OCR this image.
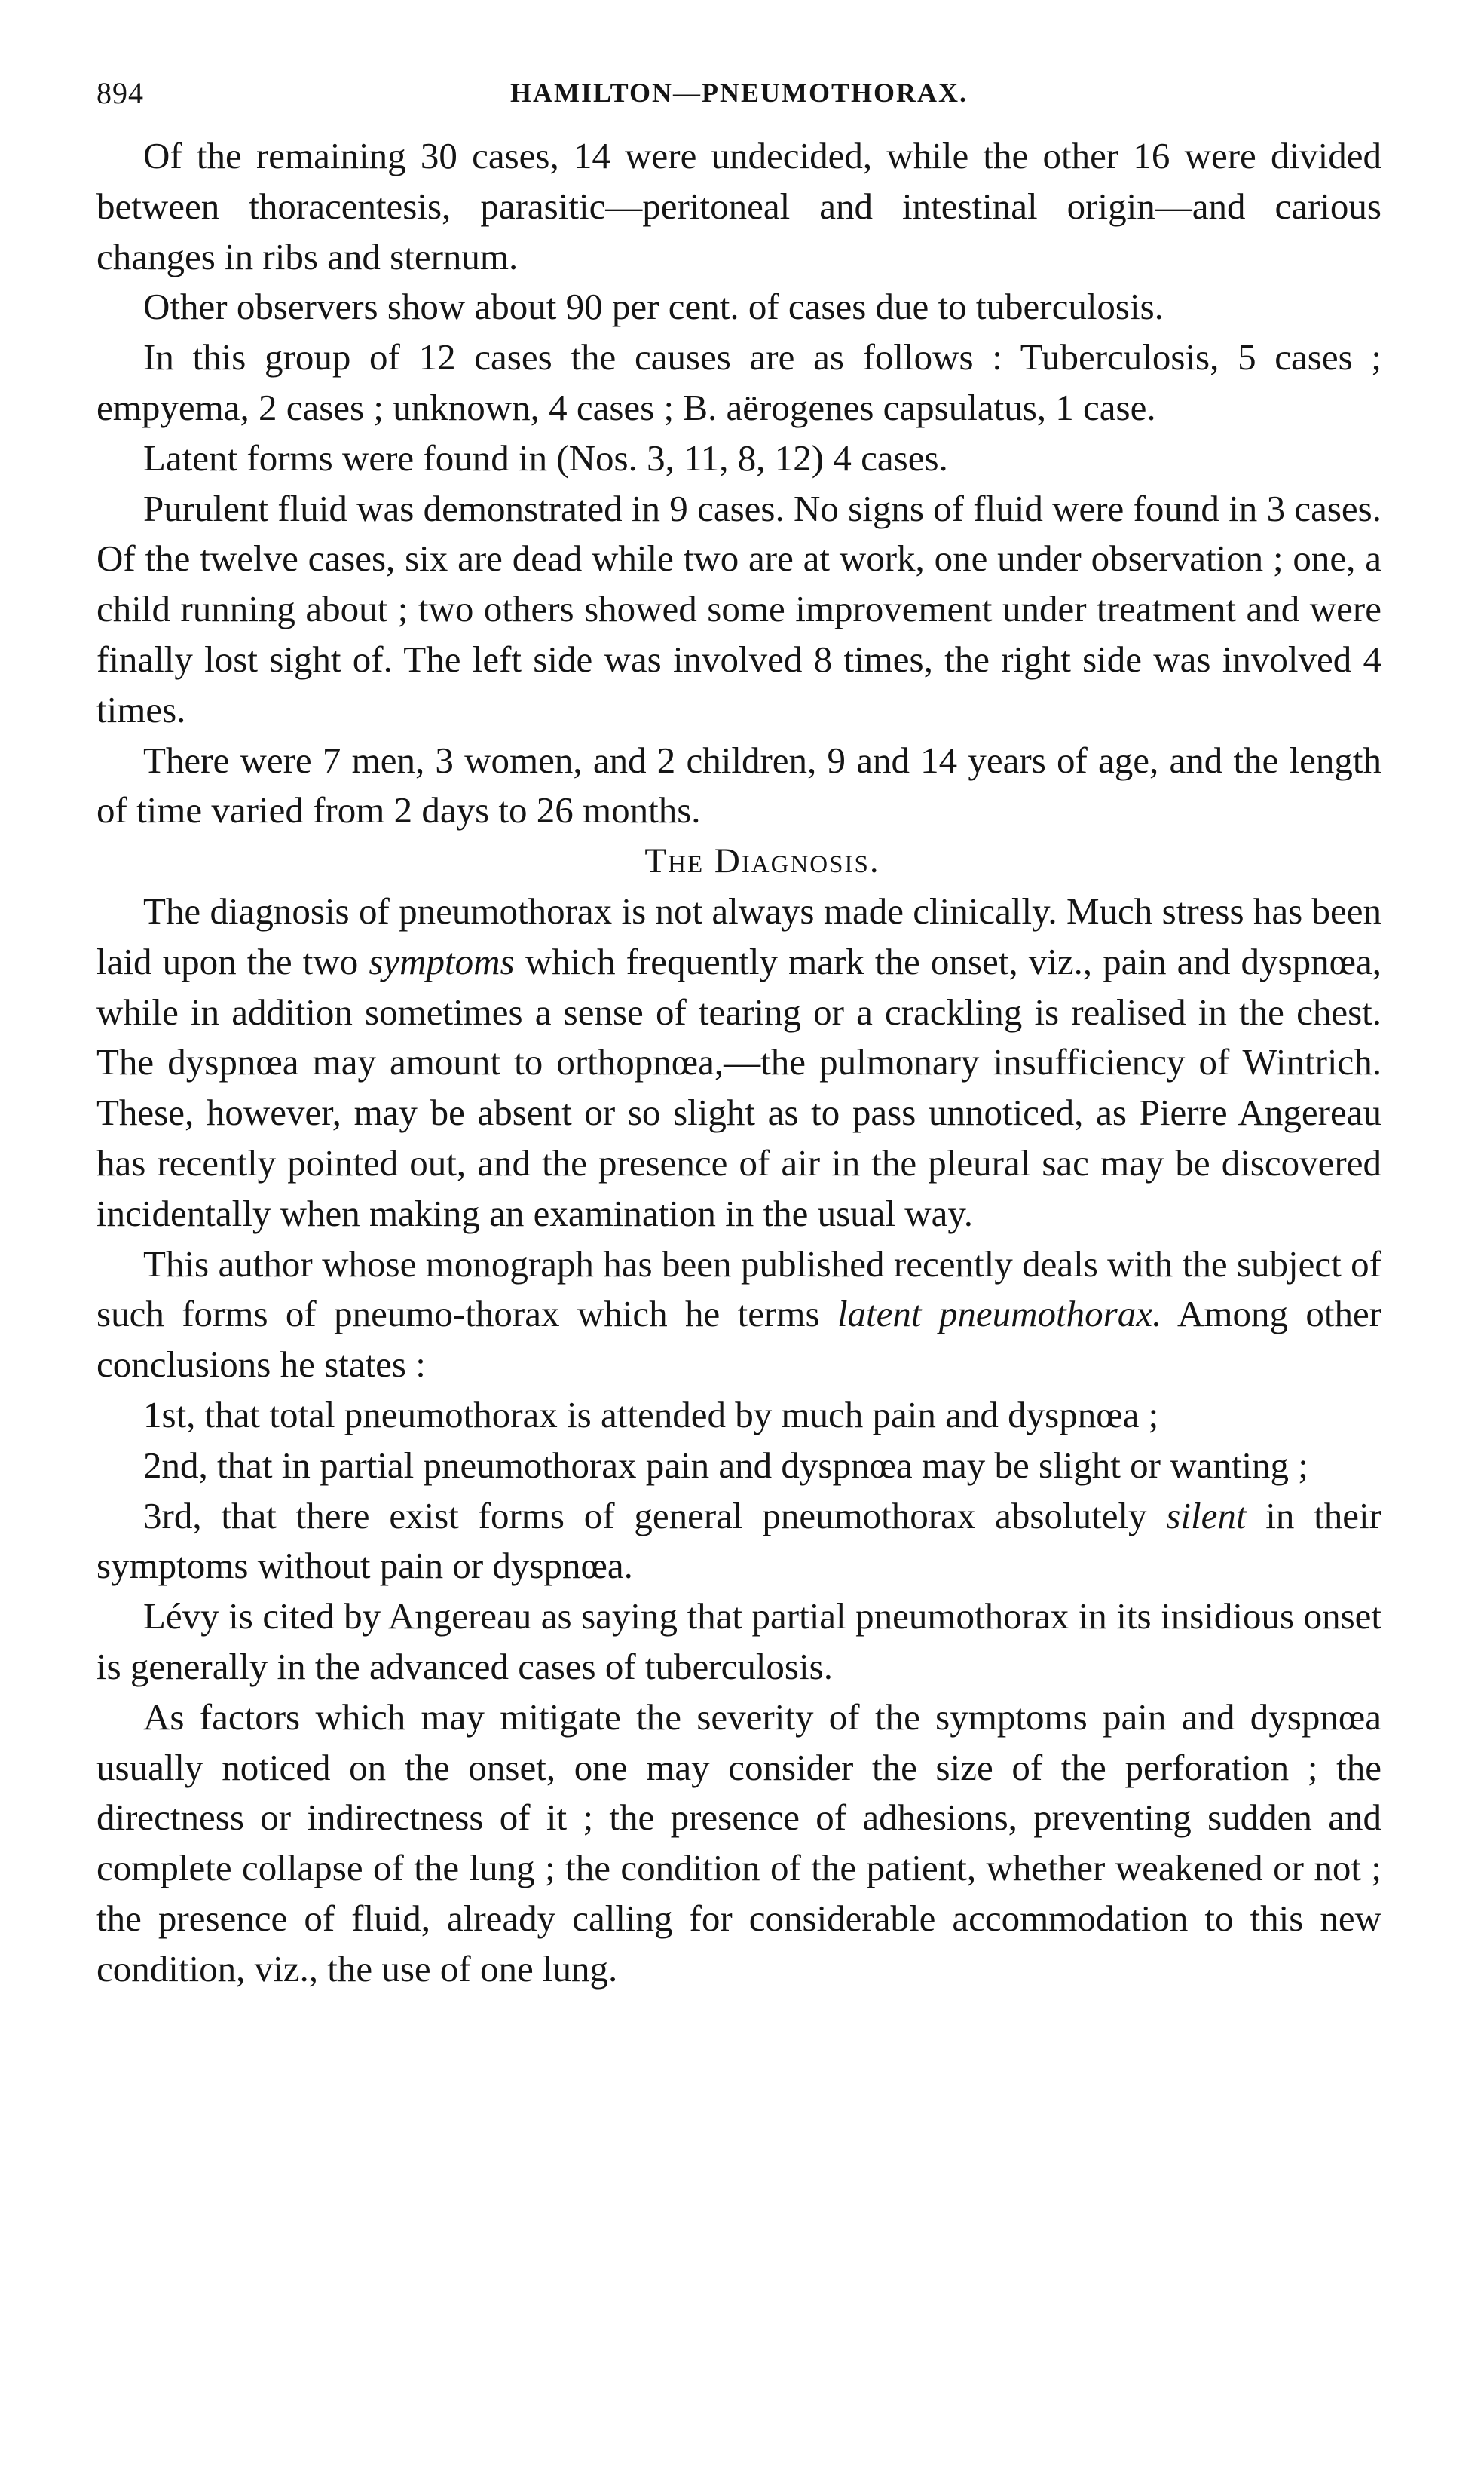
894	HAMILTON—PNEUMOTHORAX.

Of the remaining 30 cases, 14 were undecided, while the other 16 were divided between thoracentesis, parasitic—peritoneal and intestinal origin—and carious changes in ribs and sternum.

Other observers show about 90 per cent. of cases due to tuberculosis.

In this group of 12 cases the causes are as follows : Tuberculosis, 5 cases ; empyema, 2 cases ; unknown, 4 cases ; B. aërogenes capsulatus, 1 case.

Latent forms were found in (Nos. 3, 11, 8, 12) 4 cases.

Purulent fluid was demonstrated in 9 cases. No signs of fluid were found in 3 cases. Of the twelve cases, six are dead while two are at work, one under observation ; one, a child running about ; two others showed some improvement under treatment and were finally lost sight of. The left side was involved 8 times, the right side was involved 4 times.

There were 7 men, 3 women, and 2 children, 9 and 14 years of age, and the length of time varied from 2 days to 26 months.

The Diagnosis.

The diagnosis of pneumothorax is not always made clinically. Much stress has been laid upon the two symptoms which frequently mark the onset, viz., pain and dyspnœa, while in addition sometimes a sense of tearing or a crackling is realised in the chest. The dyspnœa may amount to orthopnœa,—the pulmonary insufficiency of Wintrich. These, however, may be absent or so slight as to pass unnoticed, as Pierre Angereau has recently pointed out, and the presence of air in the pleural sac may be discovered incidentally when making an examination in the usual way.

This author whose monograph has been published recently deals with the subject of such forms of pneumo-thorax which he terms latent pneumothorax. Among other conclusions he states :

1st, that total pneumothorax is attended by much pain and dyspnœa ;

2nd, that in partial pneumothorax pain and dyspnœa may be slight or wanting ;

3rd, that there exist forms of general pneumothorax absolutely silent in their symptoms without pain or dyspnœa.

Lévy is cited by Angereau as saying that partial pneumothorax in its insidious onset is generally in the advanced cases of tuberculosis.

As factors which may mitigate the severity of the symptoms pain and dyspnœa usually noticed on the onset, one may consider the size of the perforation ; the directness or indirectness of it ; the presence of adhesions, preventing sudden and complete collapse of the lung ; the condition of the patient, whether weakened or not ; the presence of fluid, already calling for considerable accommodation to this new condition, viz., the use of one lung.
